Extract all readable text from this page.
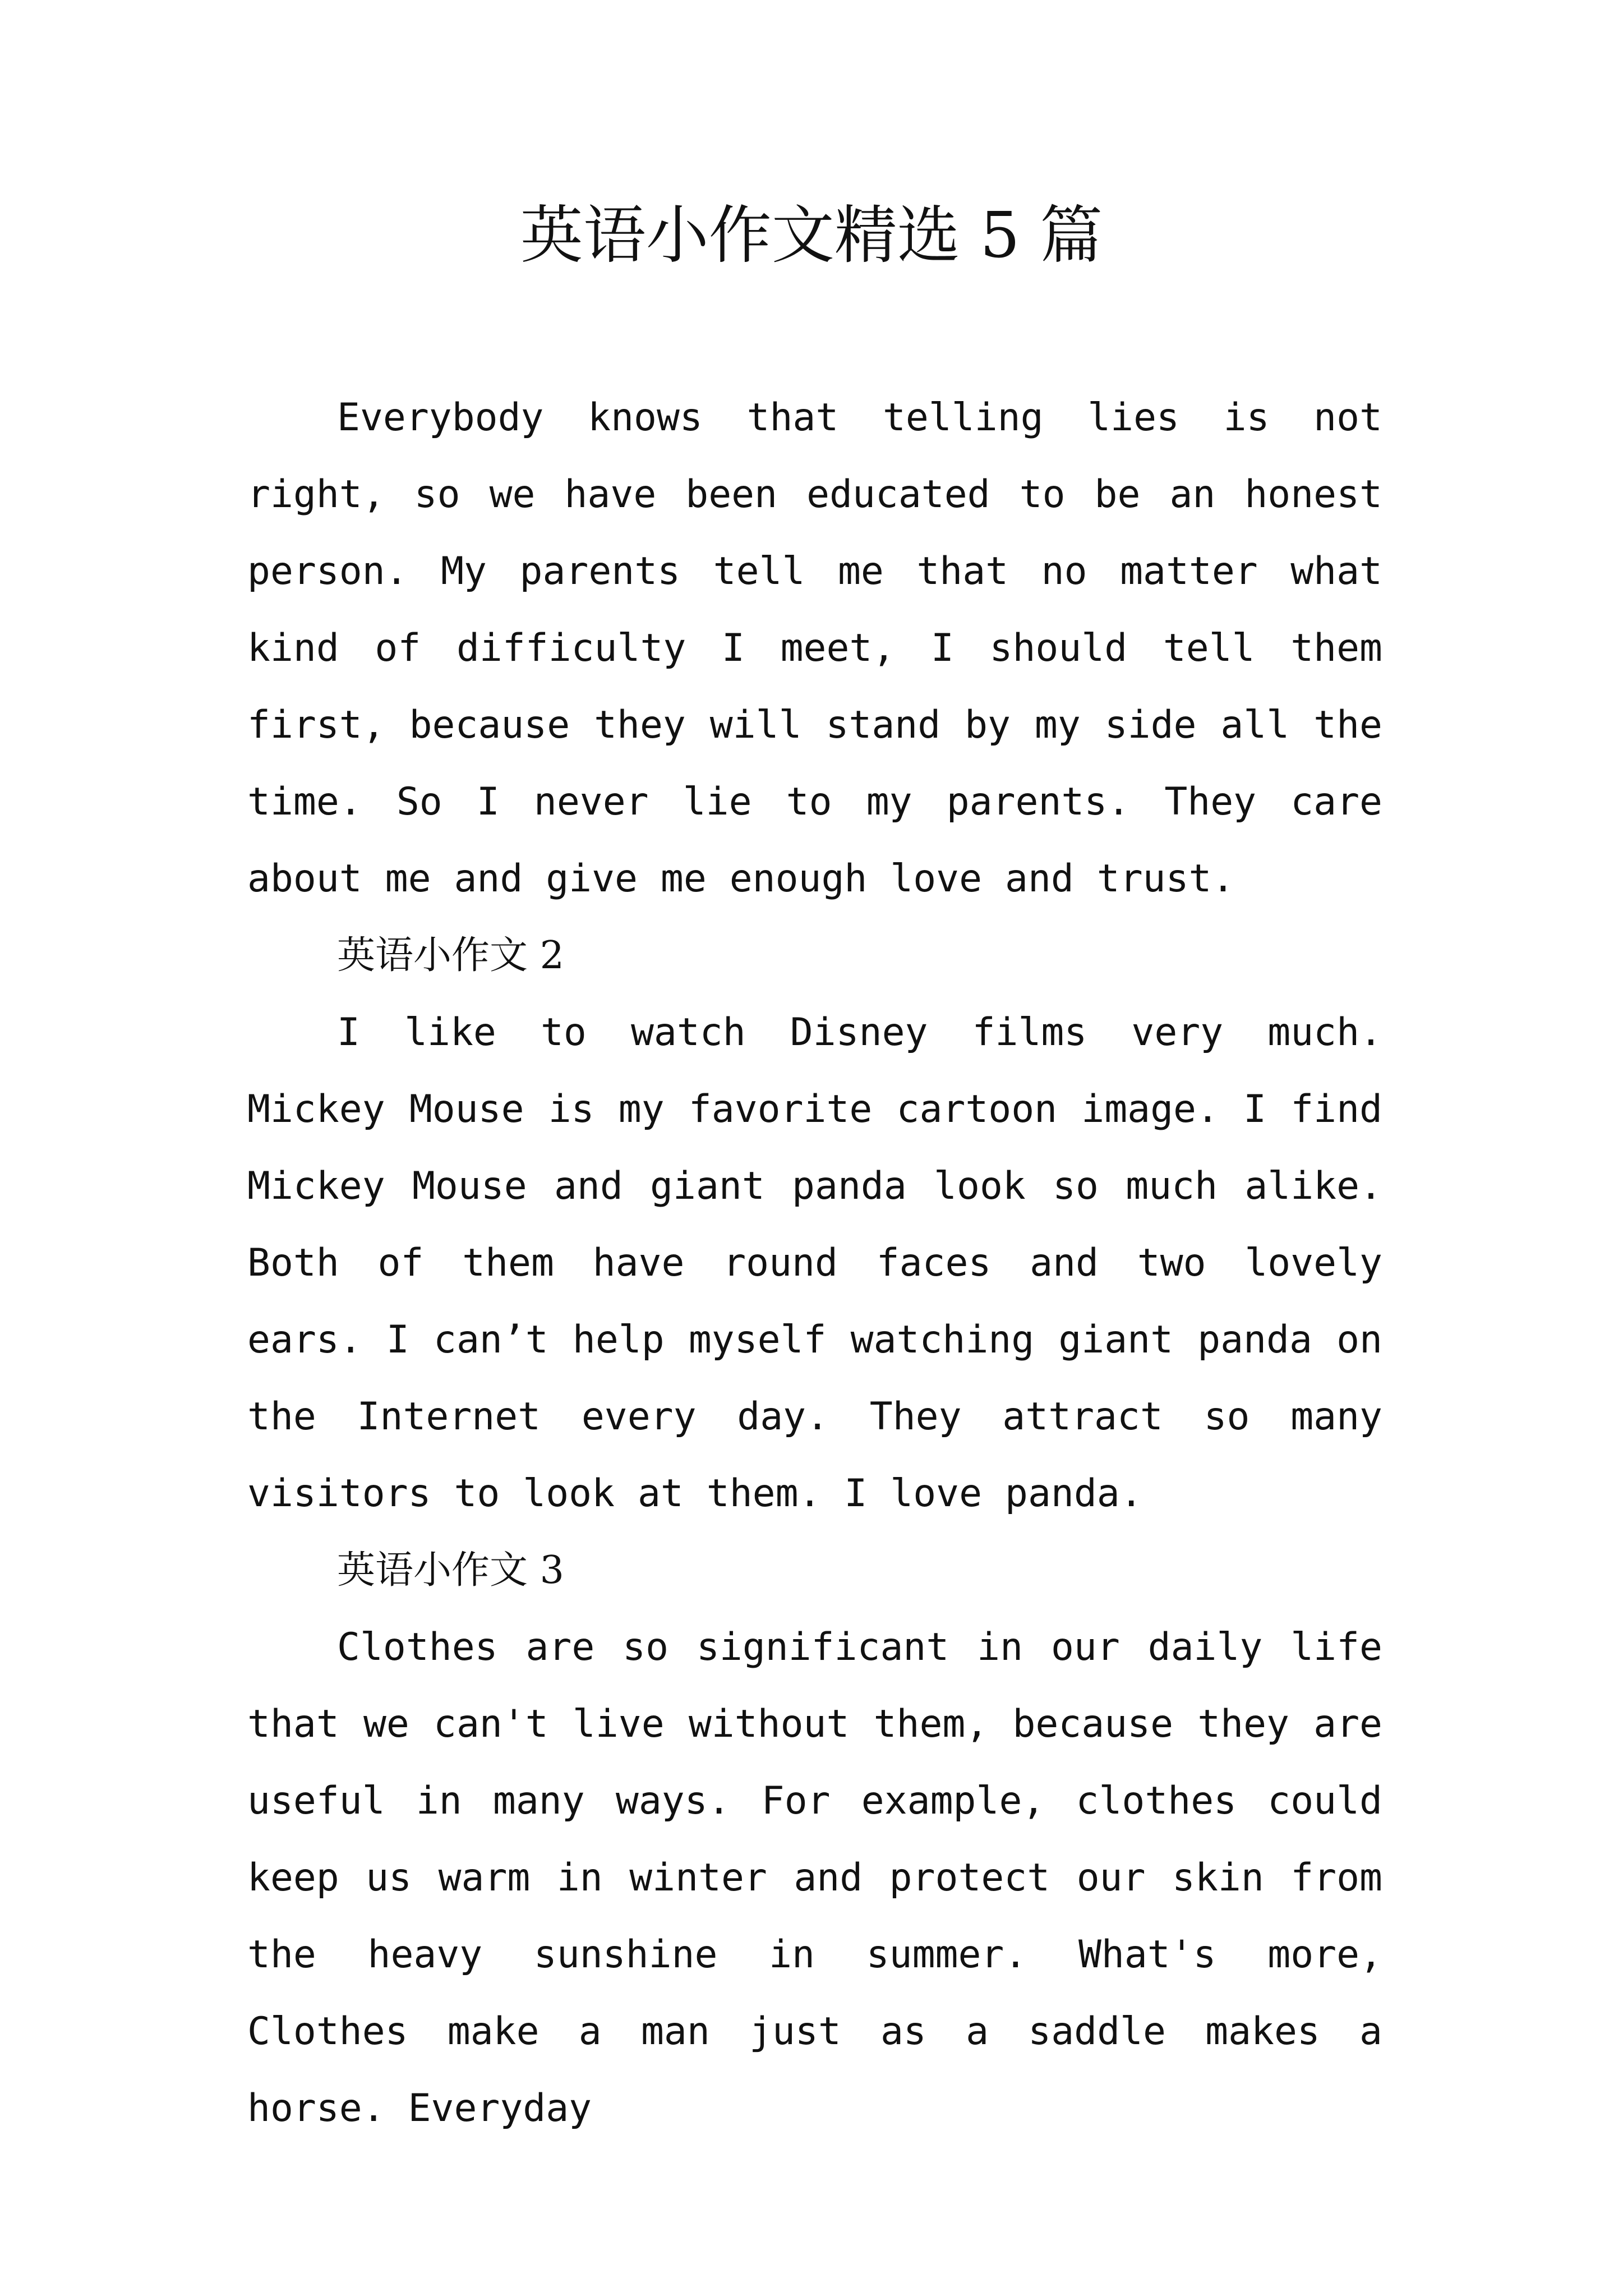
英语小作文精选 5 篇

Everybody knows that telling lies is not right, so we have been educated to be an honest person. My parents tell me that no matter what kind of difficulty I meet, I should tell them first, because they will stand by my side all the time. So I never lie to my parents. They care about me and give me enough love and trust.

英语小作文 2

I like to watch Disney films very much. Mickey Mouse is my favorite cartoon image. I find Mickey Mouse and giant panda look so much alike. Both of them have round faces and two lovely ears. I can’t help myself watching giant panda on the Internet every day. They attract so many visitors to look at them. I love panda.

英语小作文 3

Clothes are so significant in our daily life that we can't live without them, because they are useful in many ways. For example, clothes could keep us warm in winter and protect our skin from the heavy sunshine in summer. What's more, Clothes make a man just as a saddle makes a horse. Everyday
